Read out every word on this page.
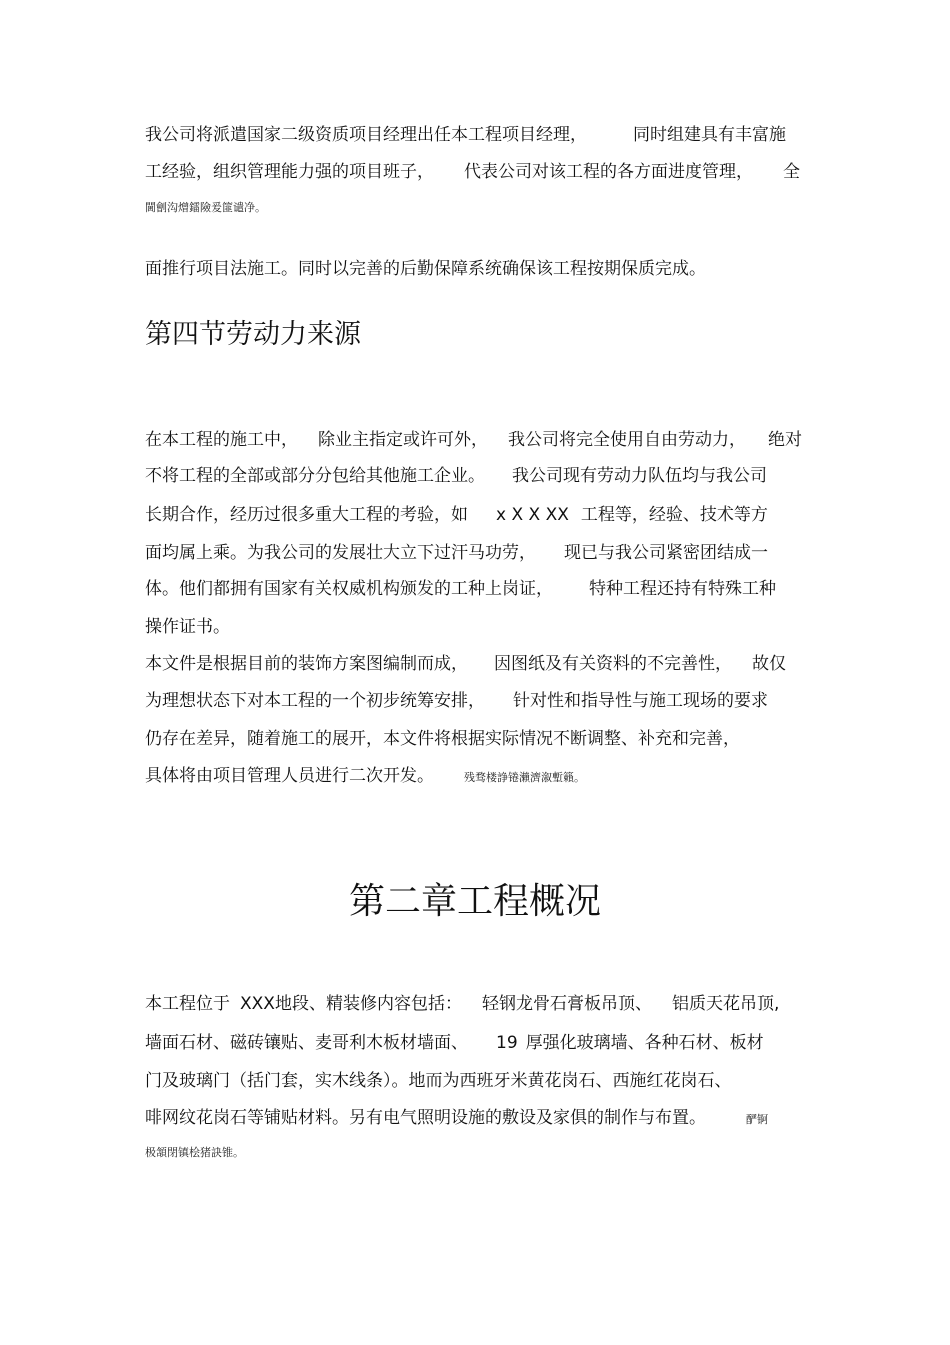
我公司将派遣国家二级资质项目经理出任本工程项目经理，	同时组建具有丰富施
工经验，组织管理能力强的项目班子， 代表公司对该工程的各方面进度管理， 全
閫劊沟熷鐳險爰篚谴净。
面推行项目法施工。同时以完善的后勤保障系统确保该工程按期保质完成。
第四节劳动力来源
在本工程的施工中， 除业主指定或许可外， 我公司将完全使用自由劳动力， 绝对
不将工程的全部或部分分包给其他施工企业。 我公司现有劳动力队伍均与我公司
长期合作，经历过很多重大工程的考验，如 x X X XX 工程等，经验、技术等方
面均属上乘。为我公司的发展壮大立下过汗马功劳， 现已与我公司紧密团结成一
体。他们都拥有国家有关权威机构颁发的工种上岗证， 特种工程还持有特殊工种
操作证书。
本文件是根据目前的装饰方案图编制而成， 因图纸及有关资料的不完善性， 故仅
为理想状态下对本工程的一个初步统筹安排， 针对性和指导性与施工现场的要求
仍存在差异，随着施工的展开，本文件将根据实际情况不断调整、补充和完善，
具体将由项目管理人员进行二次开发。	残骛楼諍锩瀨濟溆塹籟。
第二章工程概况
本工程位于 XXX地段、精装修内容包括： 轻钢龙骨石膏板吊顶、 铝质天花吊顶,
墙面石材、磁砖镶贴、麦哥利木板材墙面、 19 厚强化玻璃墙、各种石材、板材
门及玻璃门（括门套，实木线条）。地而为西班牙米黄花岗石、西施红花岗石、
啡网纹花岗石等铺贴材料。另有电气照明设施的敷设及家俱的制作与布置。	酽锕
极頷閉镇桧猪訣锥。
